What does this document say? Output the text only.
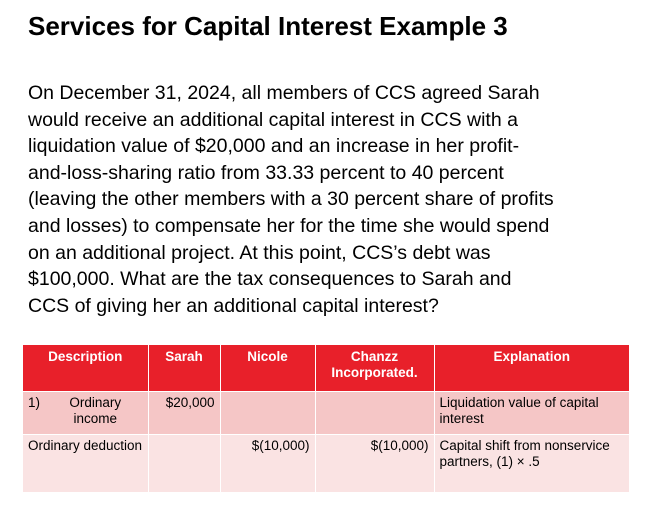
Services for Capital Interest Example 3

On December 31, 2024, all members of CCS agreed Sarah
would receive an additional capital interest in CCS with a
liquidation value of $20,000 and an increase in her profit-
and-loss-sharing ratio from 33.33 percent to 40 percent
(leaving the other members with a 30 percent share of profits
and losses) to compensate her for the time she would spend
on an additional project. At this point, CCS’s debt was
$100,000. What are the tax consequences to Sarah and
CCS of giving her an additional capital interest?

Description	Sarah	Nicole	Chanzz Incorporated.	Explanation

1) Ordinary income	$20,000			Liquidation value of capital interest
Ordinary deduction		$(10,000)	$(10,000)	Capital shift from nonservice partners, (1) × .5
